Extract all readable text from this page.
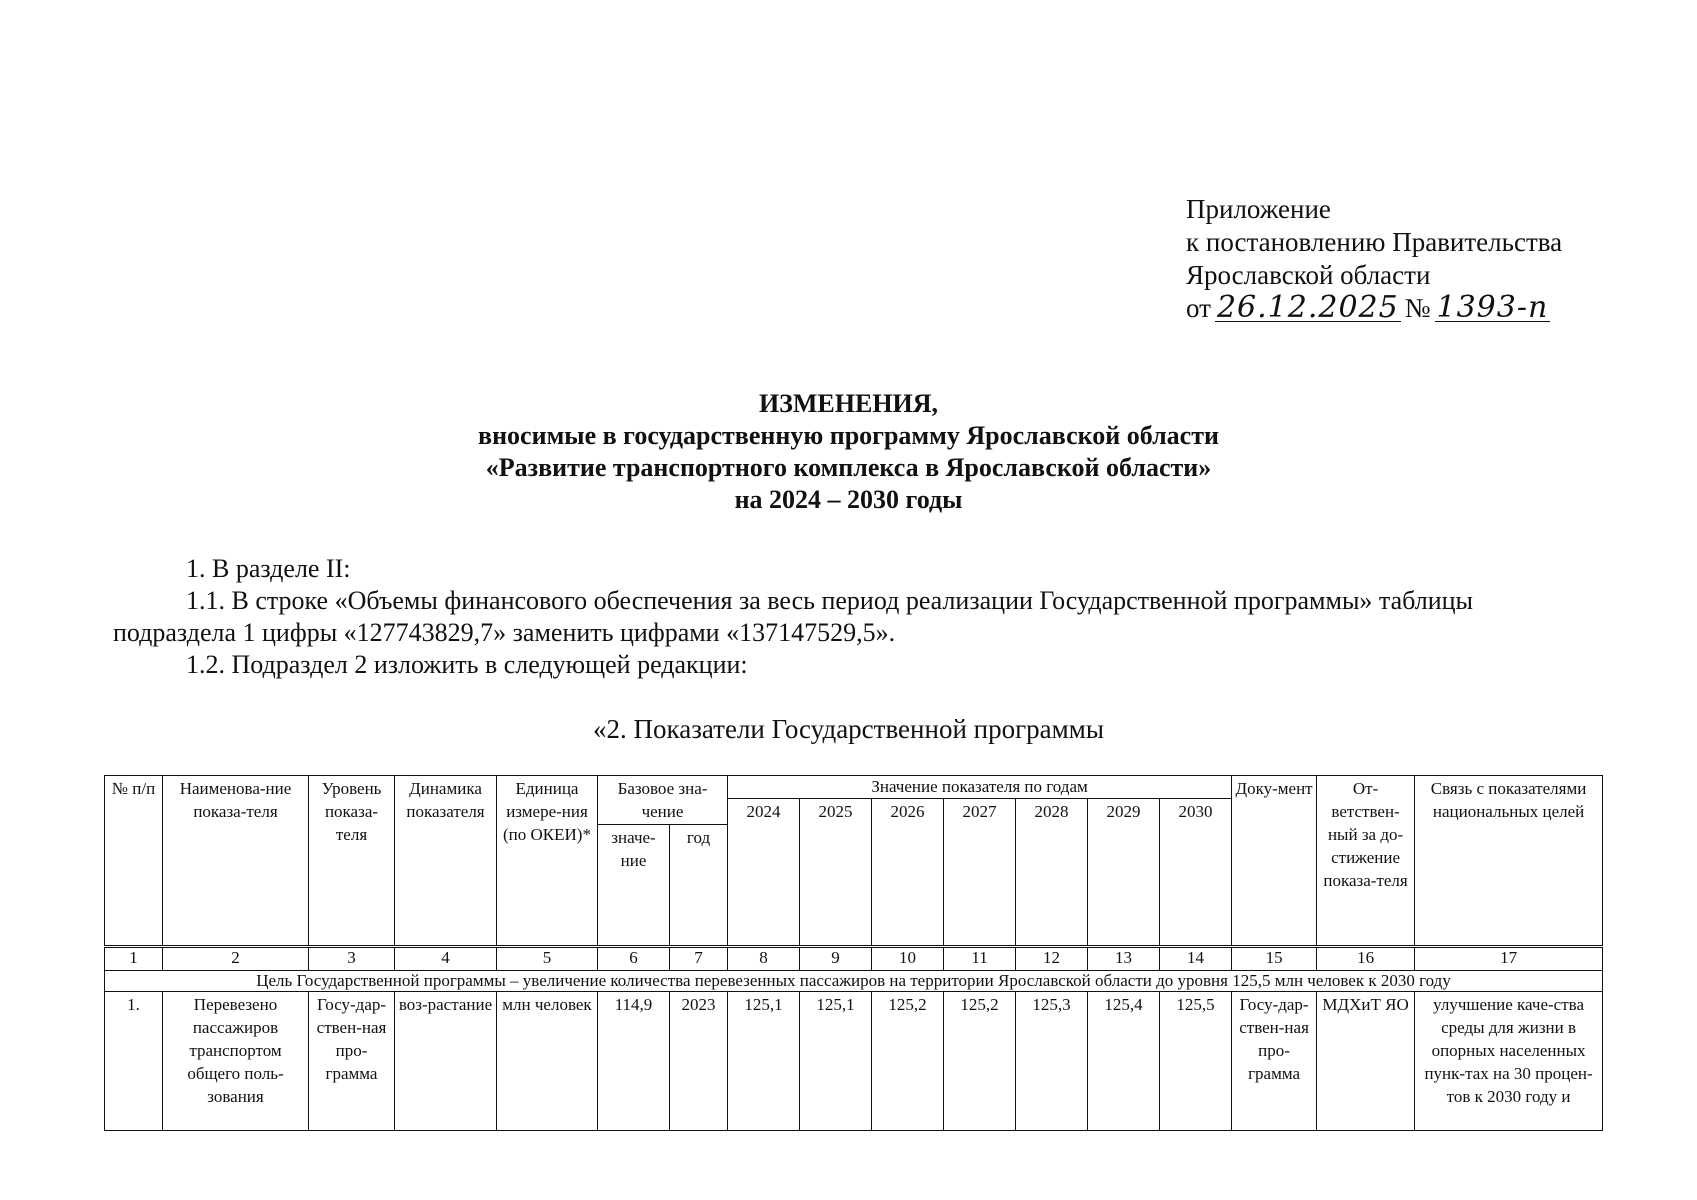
Приложение
к постановлению Правительства
Ярославской области
от 26.12.2025 № 1393-п
ИЗМЕНЕНИЯ,
вносимые в государственную программу Ярославской области
«Развитие транспортного комплекса в Ярославской области»
на 2024 – 2030 годы

1. В разделе II:

1.1. В строке «Объемы финансового обеспечения за весь период реализации Государственной программы» таблицы

подраздела 1 цифры «127743829,7» заменить цифрами «137147529,5».

1.2. Подраздел 2 изложить в следующей редакции:

«2. Показатели Государственной программы
№ п/п	Наименова-ние показа-теля	Уровень показа-теля	Динамика показателя	Единица измере-ния (по ОКЕИ)*	Базовое зна-чение		Значение показателя по годам							Доку-мент	От-ветствен-ный за до-стижение показа-теля	Связь с показателями национальных целей
							2024	2025	2026	2027	2028	2029	2030			
					значе-ние	год										
1	2	3	4	5	6	7	8	9	10	11	12	13	14	15	16	17
Цель Государственной программы – увеличение количества перевезенных пассажиров на территории Ярославской области до уровня 125,5 млн человек к 2030 году																
1.	Перевезено пассажиров транспортом общего поль-зования	Госу-дар-ствен-ная про-грамма	воз-растание	млн человек	114,9	2023	125,1	125,1	125,2	125,2	125,3	125,4	125,5	Госу-дар-ствен-ная про-грамма	МДХиТ ЯО	улучшение каче-ства среды для жизни в опорных населенных пунк-тах на 30 процен-тов к 2030 году и
